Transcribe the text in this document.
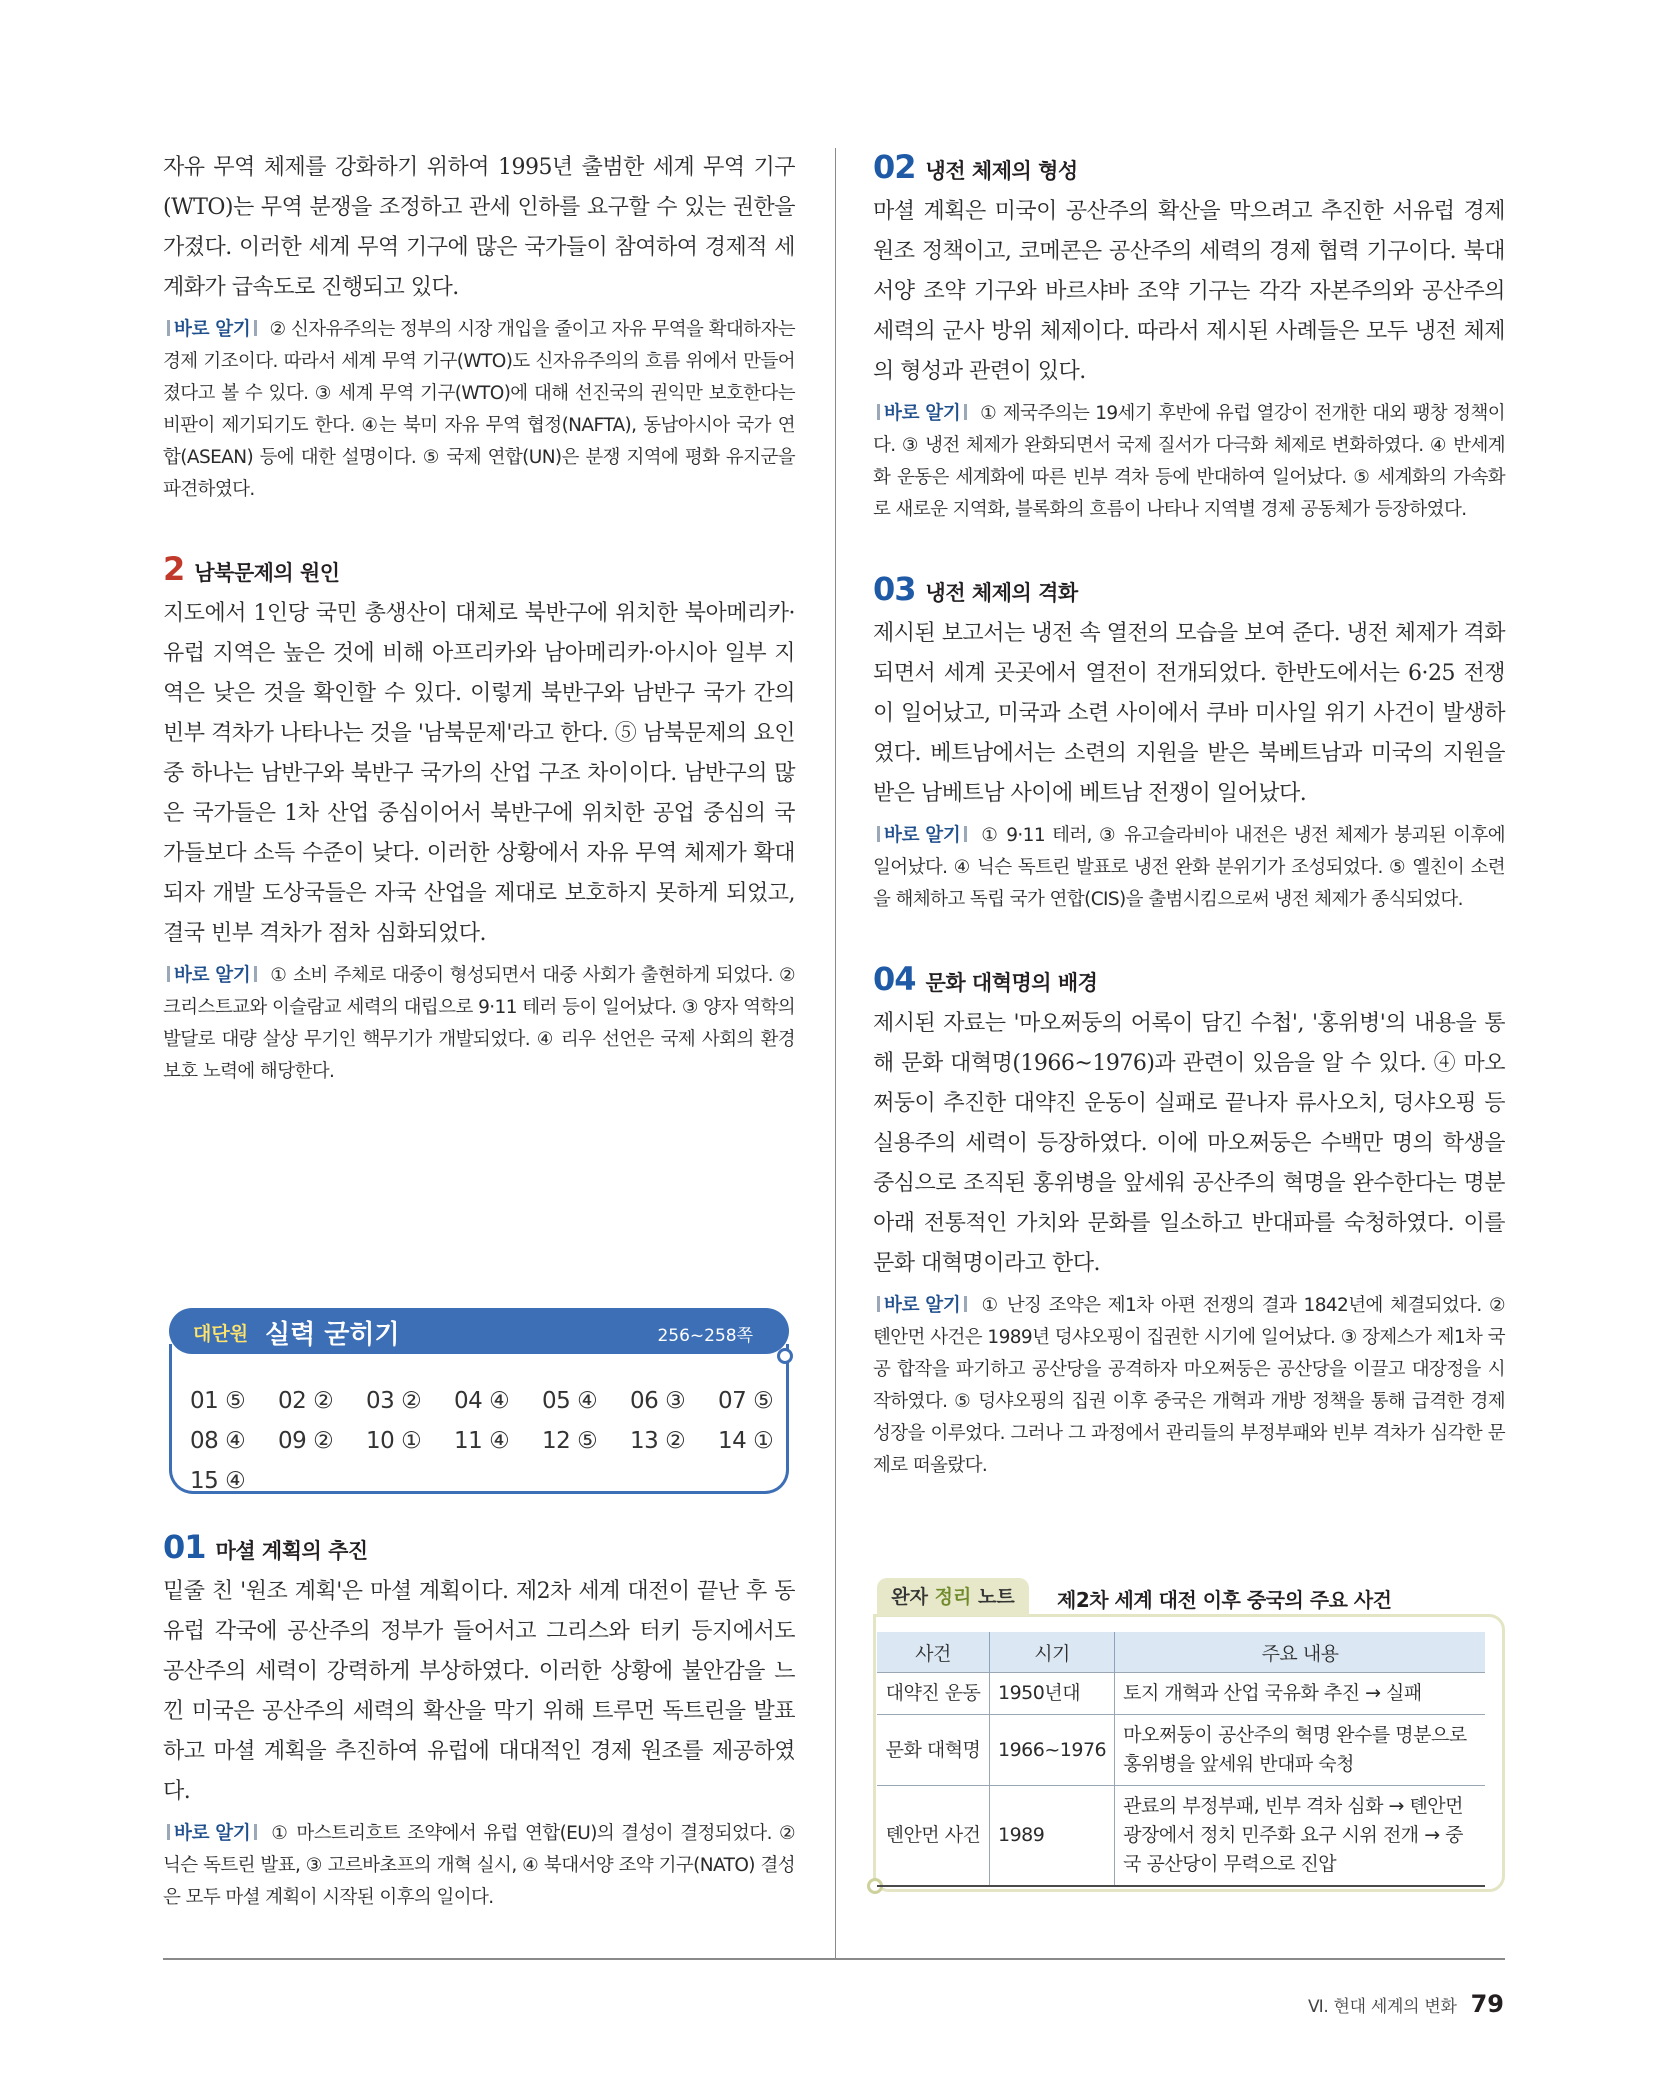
자유 무역 체제를 강화하기 위하여 1995년 출범한 세계 무역 기구(WTO)는 무역 분쟁을 조정하고 관세 인하를 요구할 수 있는 권한을 가졌다. 이러한 세계 무역 기구에 많은 국가들이 참여하여 경제적 세계화가 급속도로 진행되고 있다.

바로 알기 ② 신자유주의는 정부의 시장 개입을 줄이고 자유 무역을 확대하자는 경제 기조이다. 따라서 세계 무역 기구(WTO)도 신자유주의의 흐름 위에서 만들어졌다고 볼 수 있다. ③ 세계 무역 기구(WTO)에 대해 선진국의 권익만 보호한다는 비판이 제기되기도 한다. ④는 북미 자유 무역 협정(NAFTA), 동남아시아 국가 연합(ASEAN) 등에 대한 설명이다. ⑤ 국제 연합(UN)은 분쟁 지역에 평화 유지군을 파견하였다.

2 남북문제의 원인

지도에서 1인당 국민 총생산이 대체로 북반구에 위치한 북아메리카·유럽 지역은 높은 것에 비해 아프리카와 남아메리카·아시아 일부 지역은 낮은 것을 확인할 수 있다. 이렇게 북반구와 남반구 국가 간의 빈부 격차가 나타나는 것을 '남북문제'라고 한다. ⑤ 남북문제의 요인 중 하나는 남반구와 북반구 국가의 산업 구조 차이이다. 남반구의 많은 국가들은 1차 산업 중심이어서 북반구에 위치한 공업 중심의 국가들보다 소득 수준이 낮다. 이러한 상황에서 자유 무역 체제가 확대되자 개발 도상국들은 자국 산업을 제대로 보호하지 못하게 되었고, 결국 빈부 격차가 점차 심화되었다.

바로 알기 ① 소비 주체로 대중이 형성되면서 대중 사회가 출현하게 되었다. ② 크리스트교와 이슬람교 세력의 대립으로 9·11 테러 등이 일어났다. ③ 양자 역학의 발달로 대량 살상 무기인 핵무기가 개발되었다. ④ 리우 선언은 국제 사회의 환경 보호 노력에 해당한다.

01 ⑤	02 ②	03 ②	04 ④	05 ④	06 ③	07 ⑤
08 ④	09 ②	10 ①	11 ④	12 ⑤	13 ②	14 ①
15 ④
대단원 실력 굳히기	256~258쪽
01 마셜 계획의 추진

밑줄 친 '원조 계획'은 마셜 계획이다. 제2차 세계 대전이 끝난 후 동유럽 각국에 공산주의 정부가 들어서고 그리스와 터키 등지에서도 공산주의 세력이 강력하게 부상하였다. 이러한 상황에 불안감을 느낀 미국은 공산주의 세력의 확산을 막기 위해 트루먼 독트린을 발표하고 마셜 계획을 추진하여 유럽에 대대적인 경제 원조를 제공하였다.

바로 알기 ① 마스트리흐트 조약에서 유럽 연합(EU)의 결성이 결정되었다. ② 닉슨 독트린 발표, ③ 고르바초프의 개혁 실시, ④ 북대서양 조약 기구(NATO) 결성은 모두 마셜 계획이 시작된 이후의 일이다.

02 냉전 체제의 형성

마셜 계획은 미국이 공산주의 확산을 막으려고 추진한 서유럽 경제 원조 정책이고, 코메콘은 공산주의 세력의 경제 협력 기구이다. 북대서양 조약 기구와 바르샤바 조약 기구는 각각 자본주의와 공산주의 세력의 군사 방위 체제이다. 따라서 제시된 사례들은 모두 냉전 체제의 형성과 관련이 있다.

바로 알기 ① 제국주의는 19세기 후반에 유럽 열강이 전개한 대외 팽창 정책이다. ③ 냉전 체제가 완화되면서 국제 질서가 다극화 체제로 변화하였다. ④ 반세계화 운동은 세계화에 따른 빈부 격차 등에 반대하여 일어났다. ⑤ 세계화의 가속화로 새로운 지역화, 블록화의 흐름이 나타나 지역별 경제 공동체가 등장하였다.

03 냉전 체제의 격화

제시된 보고서는 냉전 속 열전의 모습을 보여 준다. 냉전 체제가 격화되면서 세계 곳곳에서 열전이 전개되었다. 한반도에서는 6·25 전쟁이 일어났고, 미국과 소련 사이에서 쿠바 미사일 위기 사건이 발생하였다. 베트남에서는 소련의 지원을 받은 북베트남과 미국의 지원을 받은 남베트남 사이에 베트남 전쟁이 일어났다.

바로 알기 ① 9·11 테러, ③ 유고슬라비아 내전은 냉전 체제가 붕괴된 이후에 일어났다. ④ 닉슨 독트린 발표로 냉전 완화 분위기가 조성되었다. ⑤ 옐친이 소련을 해체하고 독립 국가 연합(CIS)을 출범시킴으로써 냉전 체제가 종식되었다.

04 문화 대혁명의 배경

제시된 자료는 '마오쩌둥의 어록이 담긴 수첩', '홍위병'의 내용을 통해 문화 대혁명(1966~1976)과 관련이 있음을 알 수 있다. ④ 마오쩌둥이 추진한 대약진 운동이 실패로 끝나자 류사오치, 덩샤오핑 등 실용주의 세력이 등장하였다. 이에 마오쩌둥은 수백만 명의 학생을 중심으로 조직된 홍위병을 앞세워 공산주의 혁명을 완수한다는 명분 아래 전통적인 가치와 문화를 일소하고 반대파를 숙청하였다. 이를 문화 대혁명이라고 한다.

바로 알기 ① 난징 조약은 제1차 아편 전쟁의 결과 1842년에 체결되었다. ② 톈안먼 사건은 1989년 덩샤오핑이 집권한 시기에 일어났다. ③ 장제스가 제1차 국공 합작을 파기하고 공산당을 공격하자 마오쩌둥은 공산당을 이끌고 대장정을 시작하였다. ⑤ 덩샤오핑의 집권 이후 중국은 개혁과 개방 정책을 통해 급격한 경제 성장을 이루었다. 그러나 그 과정에서 관리들의 부정부패와 빈부 격차가 심각한 문제로 떠올랐다.

완자 정리 노트	제2차 세계 대전 이후 중국의 주요 사건
사건	시기	주요 내용
대약진 운동	1950년대	토지 개혁과 산업 국유화 추진 → 실패
문화 대혁명	1966~1976	마오쩌둥이 공산주의 혁명 완수를 명분으로 홍위병을 앞세워 반대파 숙청
톈안먼 사건	1989	관료의 부정부패, 빈부 격차 심화 → 톈안먼 광장에서 정치 민주화 요구 시위 전개 → 중국 공산당이 무력으로 진압
Ⅵ. 현대 세계의 변화 79
